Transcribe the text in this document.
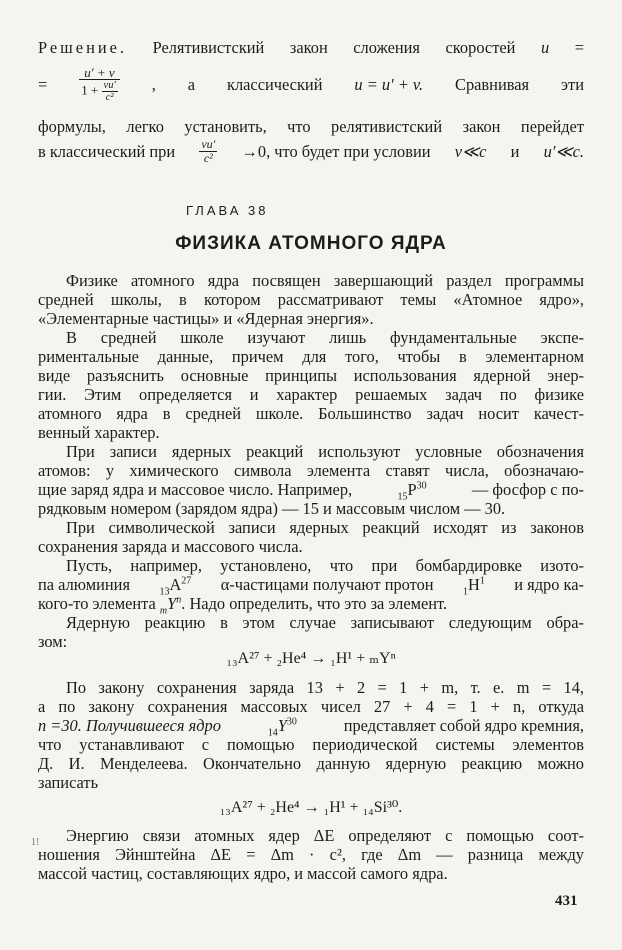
Решение. Релятивистский закон сложения скоростей u =
= $\frac{u' + v}{1 + \frac{vu'}{\text{c²}}}$ , а классический u = u′ + v. Сравнивая эти
формулы, легко установить, что релятивистский закон перейдет
в классический при $\frac{vu'}{\text{c²}} \to 0$, что будет при условии v≪c и u′≪c.
ГЛАВА 38
ФИЗИКА АТОМНОГО ЯДРА
Физике атомного ядра посвящен завершающий раздел программы средней школы, в котором рассматривают темы «Атомное ядро», «Элементарные частицы» и «Ядерная энергия».
В средней школе изучают лишь фундаментальные экспе-
риментальные данные, причем для того, чтобы в элементарном
виде разъяснить основные принципы использования ядерной энер-
гии. Этим определяется и характер решаемых задач по физике
атомного ядра в средней школе. Большинство задач носит качест-
венный характер.
При записи ядерных реакций используют условные обозначения
атомов: у химического символа элемента ставят числа, обозначаю-
щие заряд ядра и массовое число. Например,	$_{15}P^{30}$	— фосфор с по-
рядковым номером (зарядом ядра) — 15 и массовым числом — 30.
При символической записи ядерных реакций исходят из законов
сохранения заряда и массового числа.
Пусть, например, установлено, что при бомбардировке изото-
па алюминия	$_{13}A^{27}$ α-частицами получают протон	$_1H^1$ и ядро ка-
кого-то элемента $_mY^n$. Надо определить, что это за элемент.
Ядерную реакцию в этом случае записывают следующим обра-
зом:
₁₃A²⁷ + ₂He⁴ → ₁H¹ + ₘYⁿ
По закону сохранения заряда 13 + 2 = 1 + m, т. е. m = 14,
а по закону сохранения массовых чисел 27 + 4 = 1 + n, откуда
n =30. Получившееся ядро	$_{14}Y^{30}$	представляет собой ядро кремния,
что устанавливают с помощью периодической системы элементов
Д. И. Менделеева. Окончательно данную ядерную реакцию можно
записать
₁₃A²⁷ + ₂He⁴ → ₁H¹ + ₁₄Si³⁰.
Энергию связи атомных ядер ΔE определяют с помощью соот-
ношения Эйнштейна ΔE = Δm · c², где Δm — разница между
массой частиц, составляющих ядро, и массой самого ядра.
1!
431
